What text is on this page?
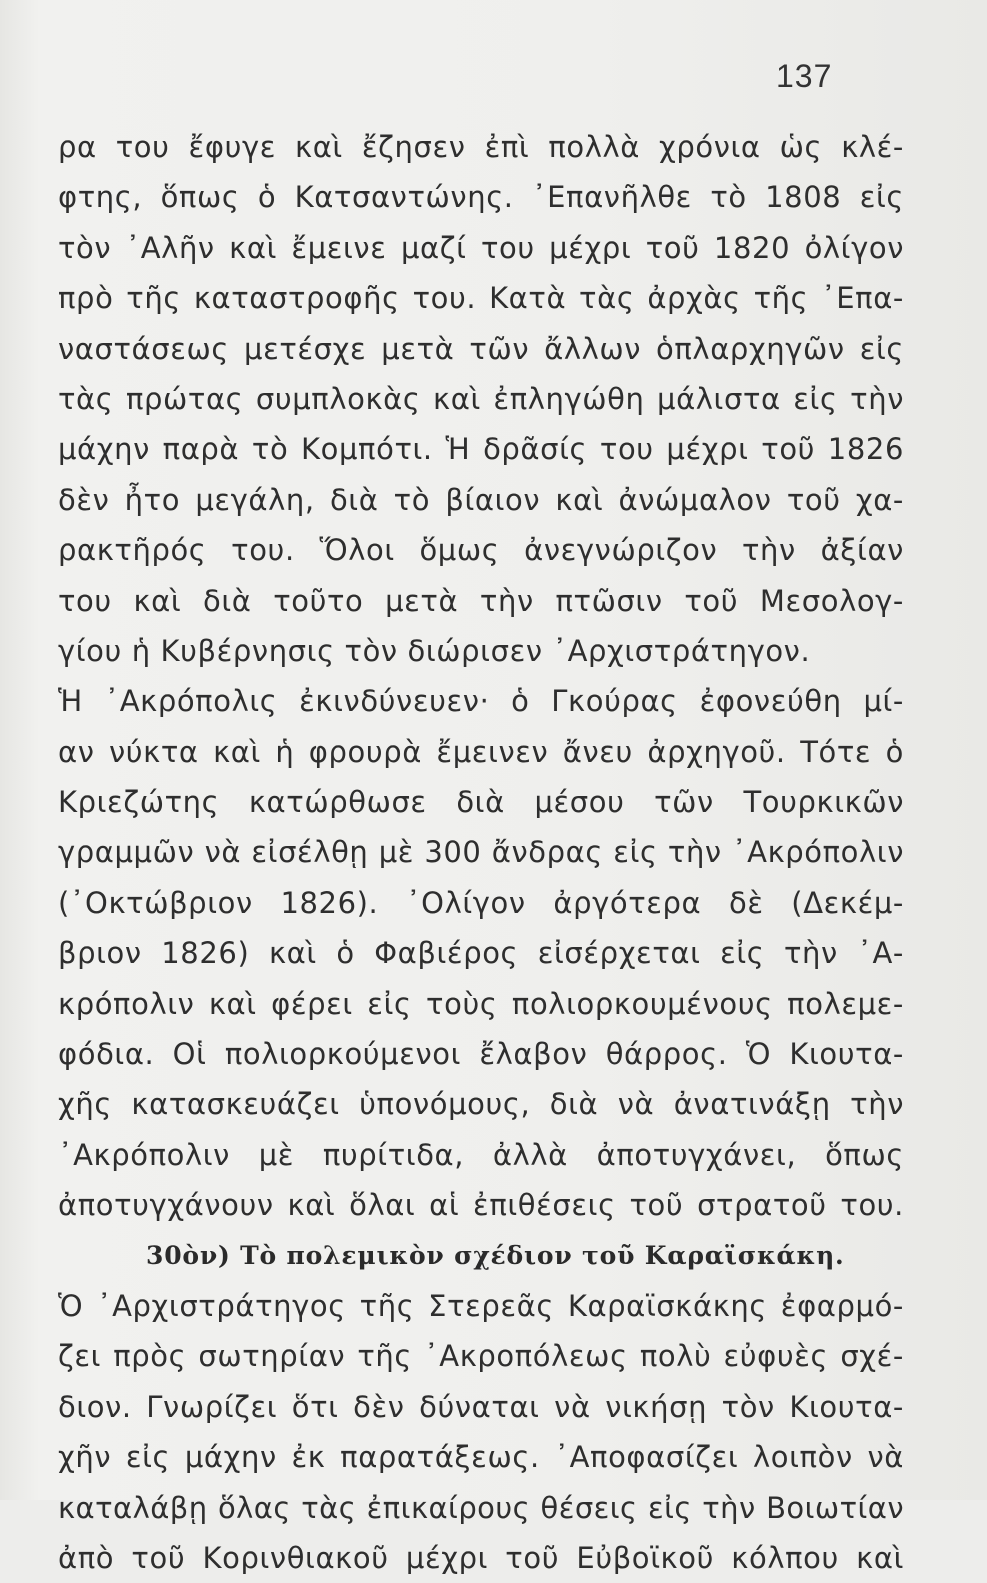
137
ρα του ἔφυγε καὶ ἔζησεν ἐπὶ πολλὰ χρόνια ὡς κλέ-
φτης, ὅπως ὁ Κατσαντώνης. ᾿Επανῆλθε τὸ 1808 εἰς
τὸν ᾿Αλῆν καὶ ἔμεινε μαζί του μέχρι τοῦ 1820 ὀλίγον
πρὸ τῆς καταστροφῆς του. Κατὰ τὰς ἀρχὰς τῆς ᾿Επα-
ναστάσεως μετέσχε μετὰ τῶν ἄλλων ὁπλαρχηγῶν εἰς
τὰς πρώτας συμπλοκὰς καὶ ἐπληγώθη μάλιστα εἰς τὴν
μάχην παρὰ τὸ Κομπότι. Ἡ δρᾶσίς του μέχρι τοῦ 1826
δὲν ἦτο μεγάλη, διὰ τὸ βίαιον καὶ ἀνώμαλον τοῦ χα-
ρακτῆρός του. Ὅλοι ὅμως ἀνεγνώριζον τὴν ἀξίαν
του καὶ διὰ τοῦτο μετὰ τὴν πτῶσιν τοῦ Μεσολογ-
γίου ἡ Κυβέρνησις τὸν διώρισεν ᾿Αρχιστράτηγον.
Ἡ ᾿Ακρόπολις ἐκινδύνευεν· ὁ Γκούρας ἐφονεύθη μί-
αν νύκτα καὶ ἡ φρουρὰ ἔμεινεν ἄνευ ἀρχηγοῦ. Τότε ὁ
Κριεζώτης κατώρθωσε διὰ μέσου τῶν Τουρκικῶν
γραμμῶν νὰ εἰσέλθῃ μὲ 300 ἄνδρας εἰς τὴν ᾿Ακρόπολιν
(᾿Οκτώβριον 1826). ᾿Ολίγον ἀργότερα δὲ (Δεκέμ-
βριον 1826) καὶ ὁ Φαβιέρος εἰσέρχεται εἰς τὴν ᾿Α-
κρόπολιν καὶ φέρει εἰς τοὺς πολιορκουμένους πολεμε-
φόδια. Οἱ πολιορκούμενοι ἔλαβον θάρρος. Ὁ Κιουτα-
χῆς κατασκευάζει ὑπονόμους, διὰ νὰ ἀνατινάξῃ τὴν
᾿Ακρόπολιν μὲ πυρίτιδα, ἀλλὰ ἀποτυγχάνει, ὅπως
ἀποτυγχάνουν καὶ ὅλαι αἱ ἐπιθέσεις τοῦ στρατοῦ του.
30ὸν) Τὸ πολεμικὸν σχέδιον τοῦ Καραϊσκάκη.
Ὁ ᾿Αρχιστράτηγος τῆς Στερεᾶς Καραϊσκάκης ἐφαρμό-
ζει πρὸς σωτηρίαν τῆς ᾿Ακροπόλεως πολὺ εὐφυὲς σχέ-
διον. Γνωρίζει ὅτι δὲν δύναται νὰ νικήσῃ τὸν Κιουτα-
χῆν εἰς μάχην ἐκ παρατάξεως. ᾿Αποφασίζει λοιπὸν νὰ
καταλάβῃ ὅλας τὰς ἐπικαίρους θέσεις εἰς τὴν Βοιωτίαν
ἀπὸ τοῦ Κορινθιακοῦ μέχρι τοῦ Εὐβοϊκοῦ κόλπου καὶ
